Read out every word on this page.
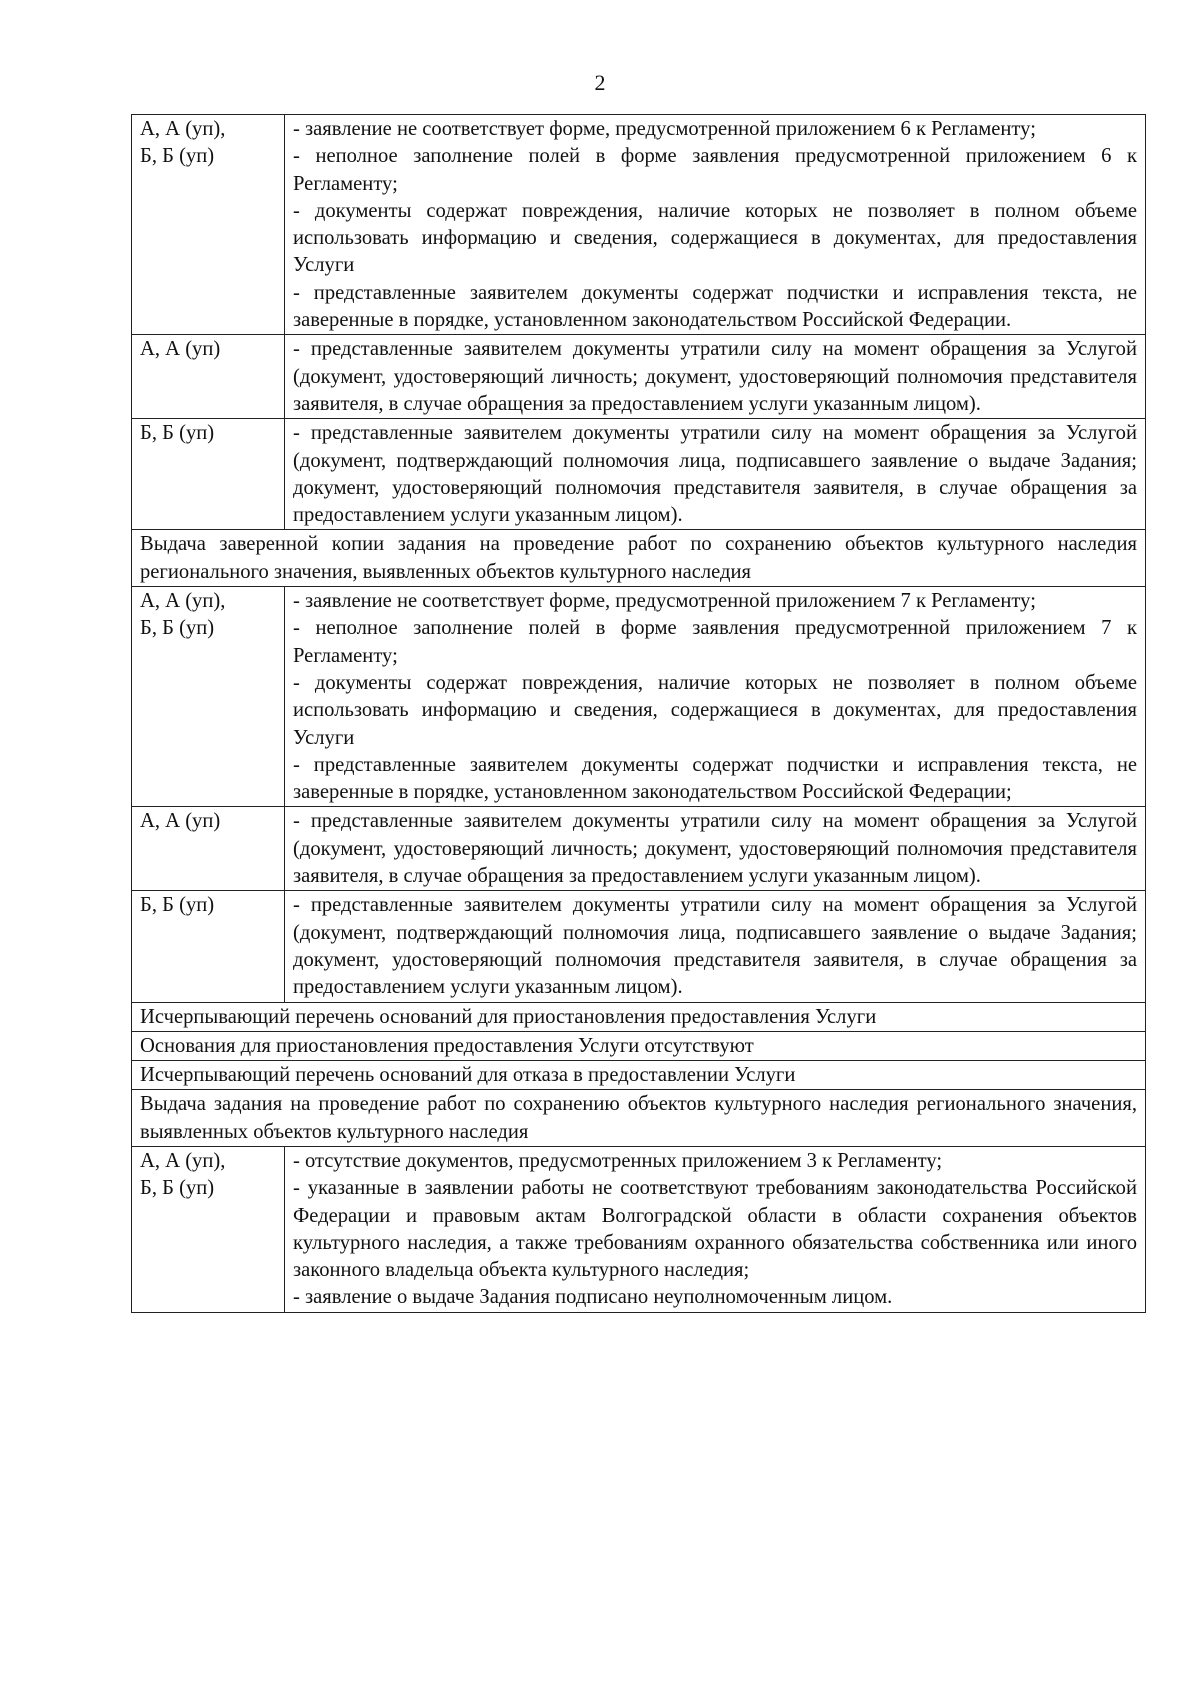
2
А, А (уп),
Б, Б (уп)	- заявление не соответствует форме, предусмотренной приложением 6 к Регламенту;
- неполное заполнение полей в форме заявления предусмотренной приложением 6 к Регламенту;
- документы содержат повреждения, наличие которых не позволяет в полном объеме использовать информацию и сведения, содержащиеся в документах, для предоставления Услуги
- представленные заявителем документы содержат подчистки и исправления текста, не заверенные в порядке, установленном законодательством Российской Федерации.

А, А (уп)	- представленные заявителем документы утратили силу на момент обращения за Услугой (документ, удостоверяющий личность; документ, удостоверяющий полномочия представителя заявителя, в случае обращения за предоставлением услуги указанным лицом).

Б, Б (уп)	- представленные заявителем документы утратили силу на момент обращения за Услугой (документ, подтверждающий полномочия лица, подписавшего заявление о выдаче Задания; документ, удостоверяющий полномочия представителя заявителя, в случае обращения за предоставлением услуги указанным лицом).

Выдача заверенной копии задания на проведение работ по сохранению объектов культурного наследия регионального значения, выявленных объектов культурного наследия	

А, А (уп),
Б, Б (уп)	- заявление не соответствует форме, предусмотренной приложением 7 к Регламенту;
- неполное заполнение полей в форме заявления предусмотренной приложением 7 к Регламенту;
- документы содержат повреждения, наличие которых не позволяет в полном объеме использовать информацию и сведения, содержащиеся в документах, для предоставления Услуги
- представленные заявителем документы содержат подчистки и исправления текста, не заверенные в порядке, установленном законодательством Российской Федерации;

А, А (уп)	- представленные заявителем документы утратили силу на момент обращения за Услугой (документ, удостоверяющий личность; документ, удостоверяющий полномочия представителя заявителя, в случае обращения за предоставлением услуги указанным лицом).

Б, Б (уп)	- представленные заявителем документы утратили силу на момент обращения за Услугой (документ, подтверждающий полномочия лица, подписавшего заявление о выдаче Задания; документ, удостоверяющий полномочия представителя заявителя, в случае обращения за предоставлением услуги указанным лицом).

Исчерпывающий перечень оснований для приостановления предоставления Услуги	
Основания для приостановления предоставления Услуги отсутствуют	
Исчерпывающий перечень оснований для отказа в предоставлении Услуги	
Выдача задания на проведение работ по сохранению объектов культурного наследия регионального значения, выявленных объектов культурного наследия	

А, А (уп),
Б, Б (уп)	- отсутствие документов, предусмотренных приложением 3 к Регламенту;
- указанные в заявлении работы не соответствуют требованиям законодательства Российской Федерации и правовым актам Волгоградской области в области сохранения объектов культурного наследия, а также требованиям охранного обязательства собственника или иного законного владельца объекта культурного наследия;
- заявление о выдаче Задания подписано неуполномоченным лицом.
